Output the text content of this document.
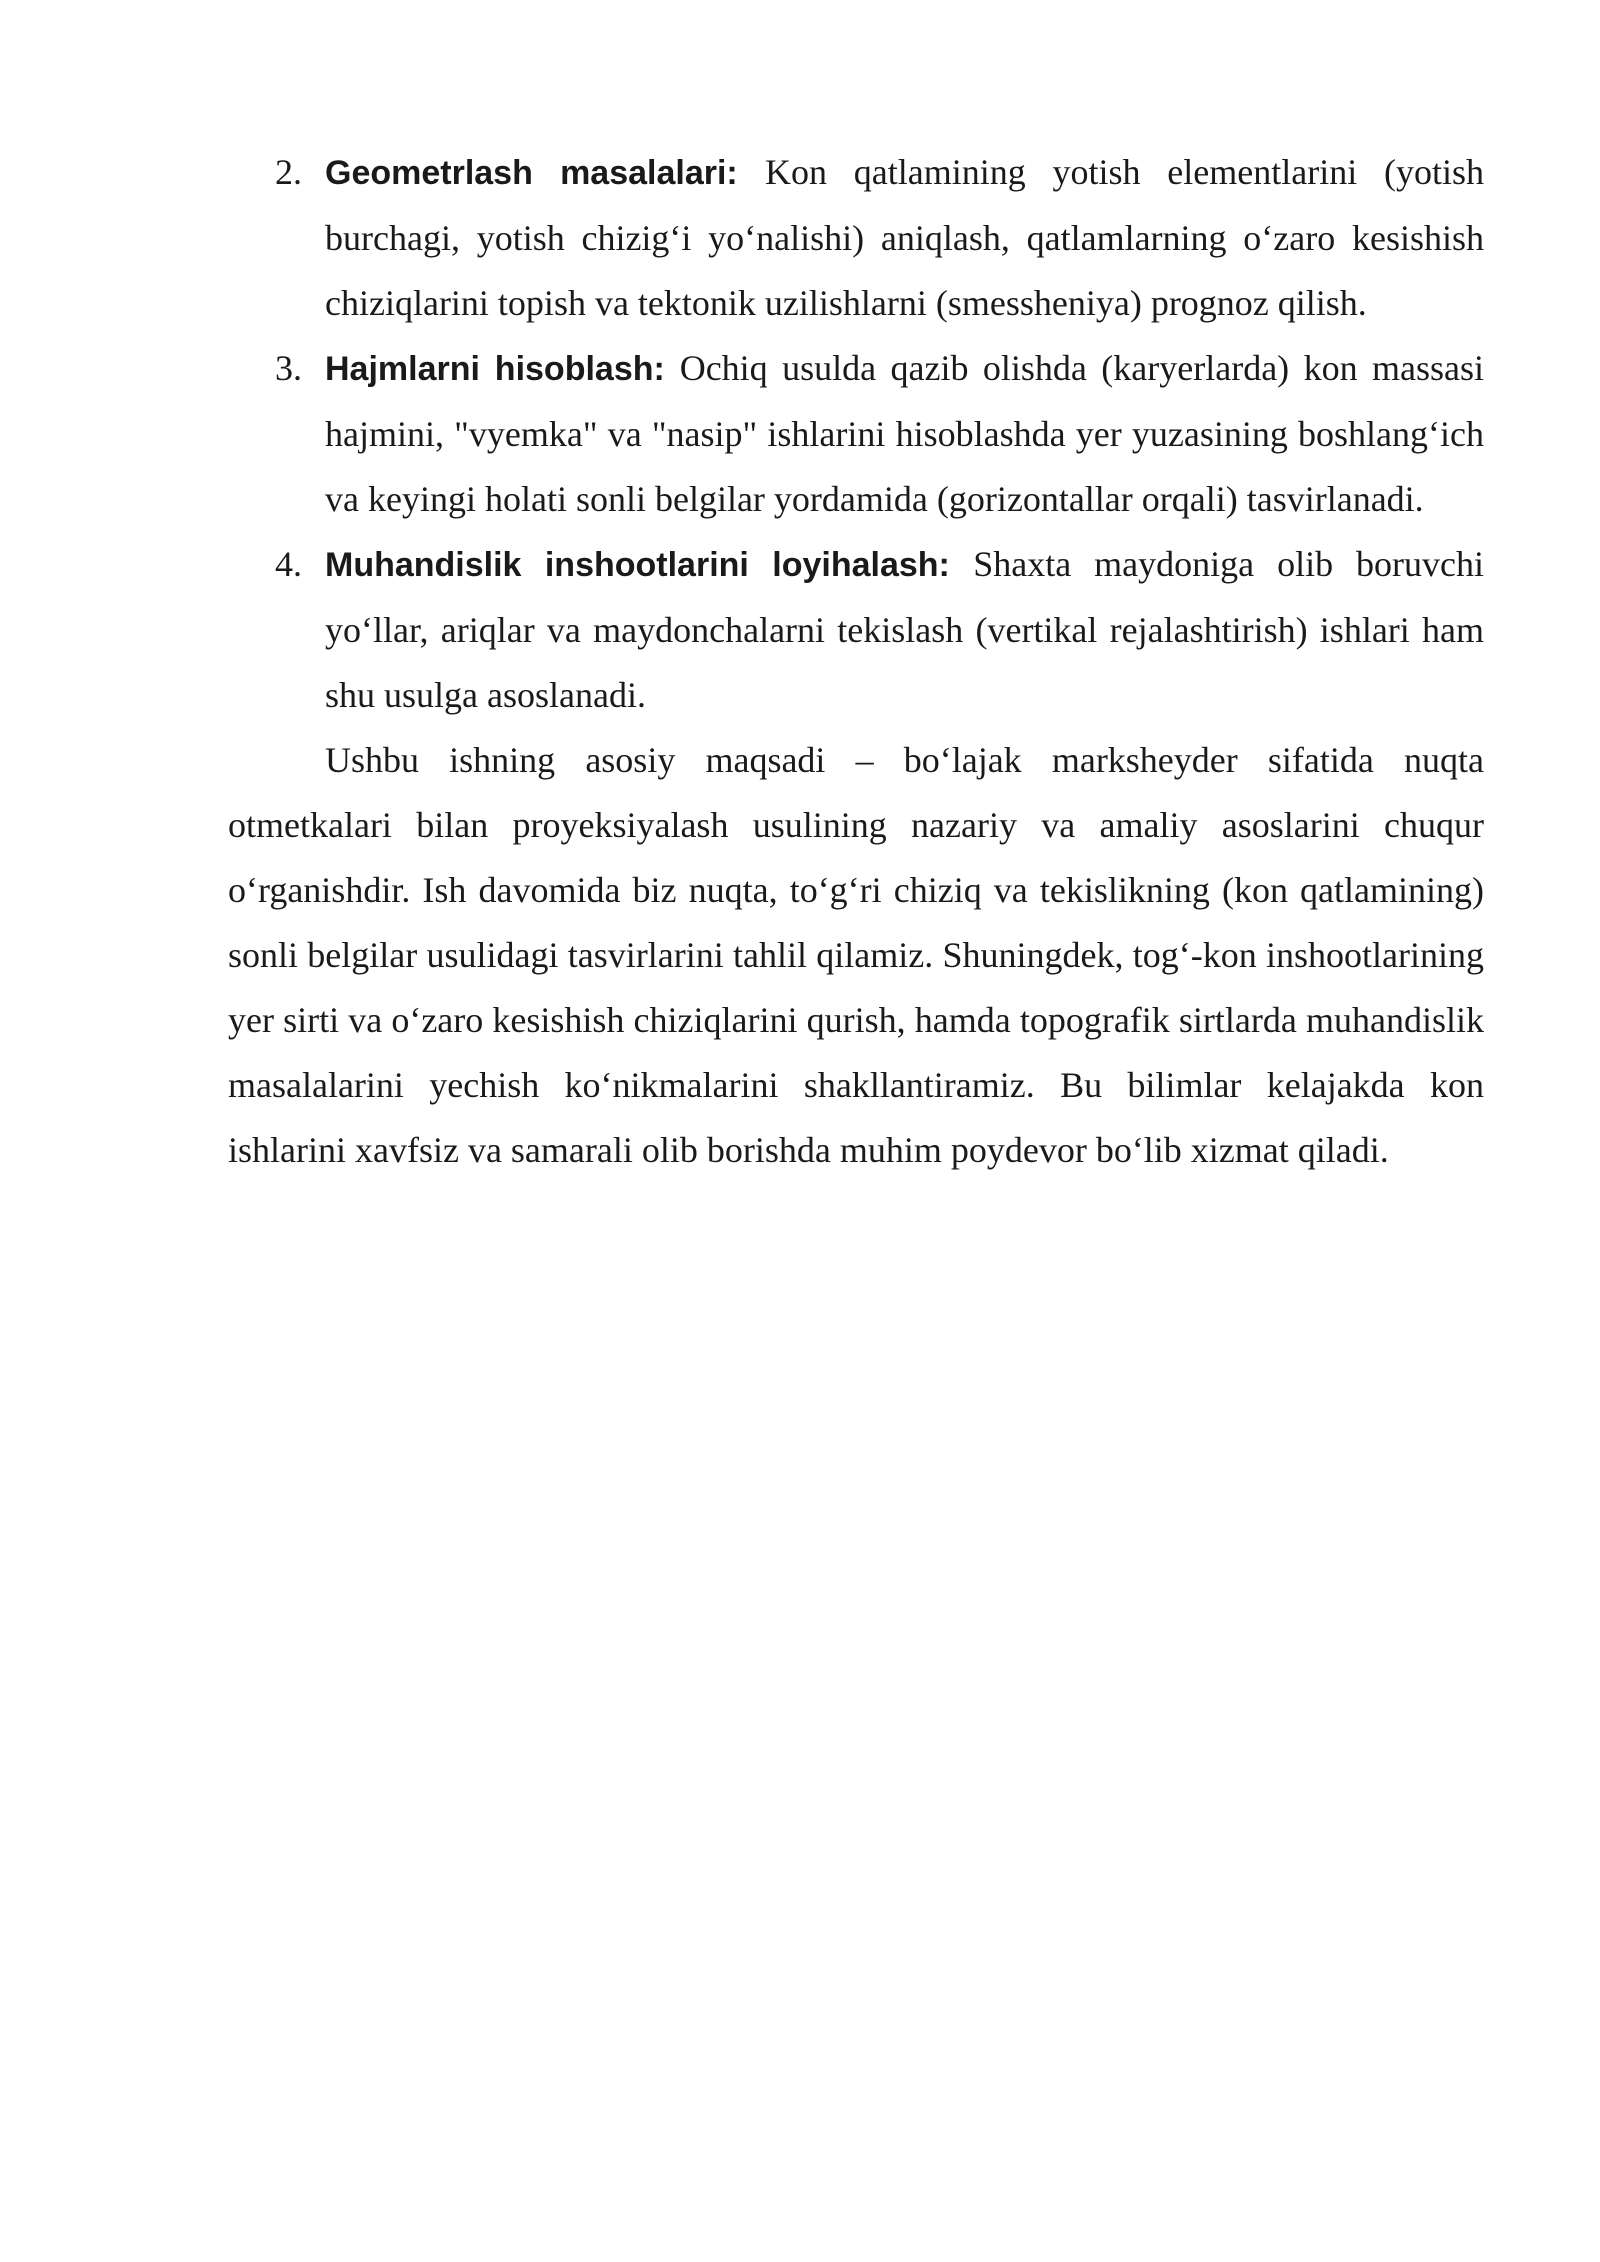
2. Geometrlash masalalari: Kon qatlamining yotish elementlarini (yotish burchagi, yotish chizig‘i yo‘nalishi) aniqlash, qatlamlarning o‘zaro kesishish chiziqlarini topish va tektonik uzilishlarni (smessheniya) prognoz qilish.
3. Hajmlarni hisoblash: Ochiq usulda qazib olishda (karyerlarda) kon massasi hajmini, "vyemka" va "nasip" ishlarini hisoblashda yer yuzasining boshlang‘ich va keyingi holati sonli belgilar yordamida (gorizontallar orqali) tasvirlanadi.
4. Muhandislik inshootlarini loyihalash: Shaxta maydoniga olib boruvchi yo‘llar, ariqlar va maydonchalarni tekislash (vertikal rejalashtirish) ishlari ham shu usulga asoslanadi.

Ushbu ishning asosiy maqsadi – bo‘lajak marksheyder sifatida nuqta otmetkalari bilan proyeksiyalash usulining nazariy va amaliy asoslarini chuqur o‘rganishdir. Ish davomida biz nuqta, to‘g‘ri chiziq va tekislikning (kon qatlamining) sonli belgilar usulidagi tasvirlarini tahlil qilamiz. Shuningdek, tog‘-kon inshootlarining yer sirti va o‘zaro kesishish chiziqlarini qurish, hamda topografik sirtlarda muhandislik masalalarini yechish ko‘nikmalarini shakllantiramiz. Bu bilimlar kelajakda kon ishlarini xavfsiz va samarali olib borishda muhim poydevor bo‘lib xizmat qiladi.
